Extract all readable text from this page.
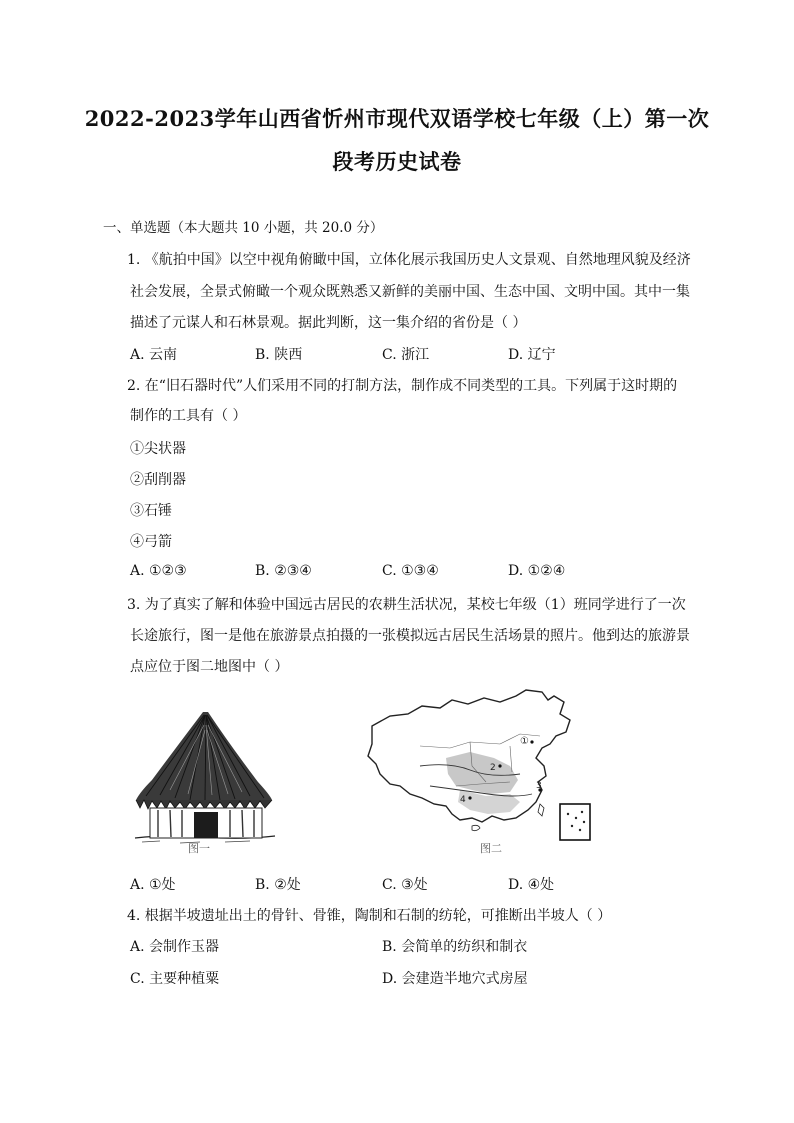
2022-2023学年山西省忻州市现代双语学校七年级（上）第一次
段考历史试卷
一、单选题（本大题共 10 小题，共 20.0 分）
1. 《航拍中国》以空中视角俯瞰中国，立体化展示我国历史人文景观、自然地理风貌及经济
社会发展，全景式俯瞰一个观众既熟悉又新鲜的美丽中国、生态中国、文明中国。其中一集
描述了元谋人和石林景观。据此判断，这一集介绍的省份是（ ）
A. 云南	B. 陕西	C. 浙江	D. 辽宁
2. 在“旧石器时代”人们采用不同的打制方法，制作成不同类型的工具。下列属于这时期的
制作的工具有（ ）
①尖状器
②刮削器
③石锤
④弓箭
A. ①②③	B. ②③④	C. ①③④	D. ①②④
3. 为了真实了解和体验中国远古居民的农耕生活状况，某校七年级（1）班同学进行了一次
长途旅行，图一是他在旅游景点拍摄的一张模拟远古居民生活场景的照片。他到达的旅游景
点应位于图二地图中（ ）
图一
①
2
3
4
图二
A. ①处	B. ②处	C. ③处	D. ④处
4. 根据半坡遗址出土的骨针、骨锥，陶制和石制的纺轮，可推断出半坡人（ ）
A. 会制作玉器	B. 会简单的纺织和制衣
C. 主要种植粟	D. 会建造半地穴式房屋
